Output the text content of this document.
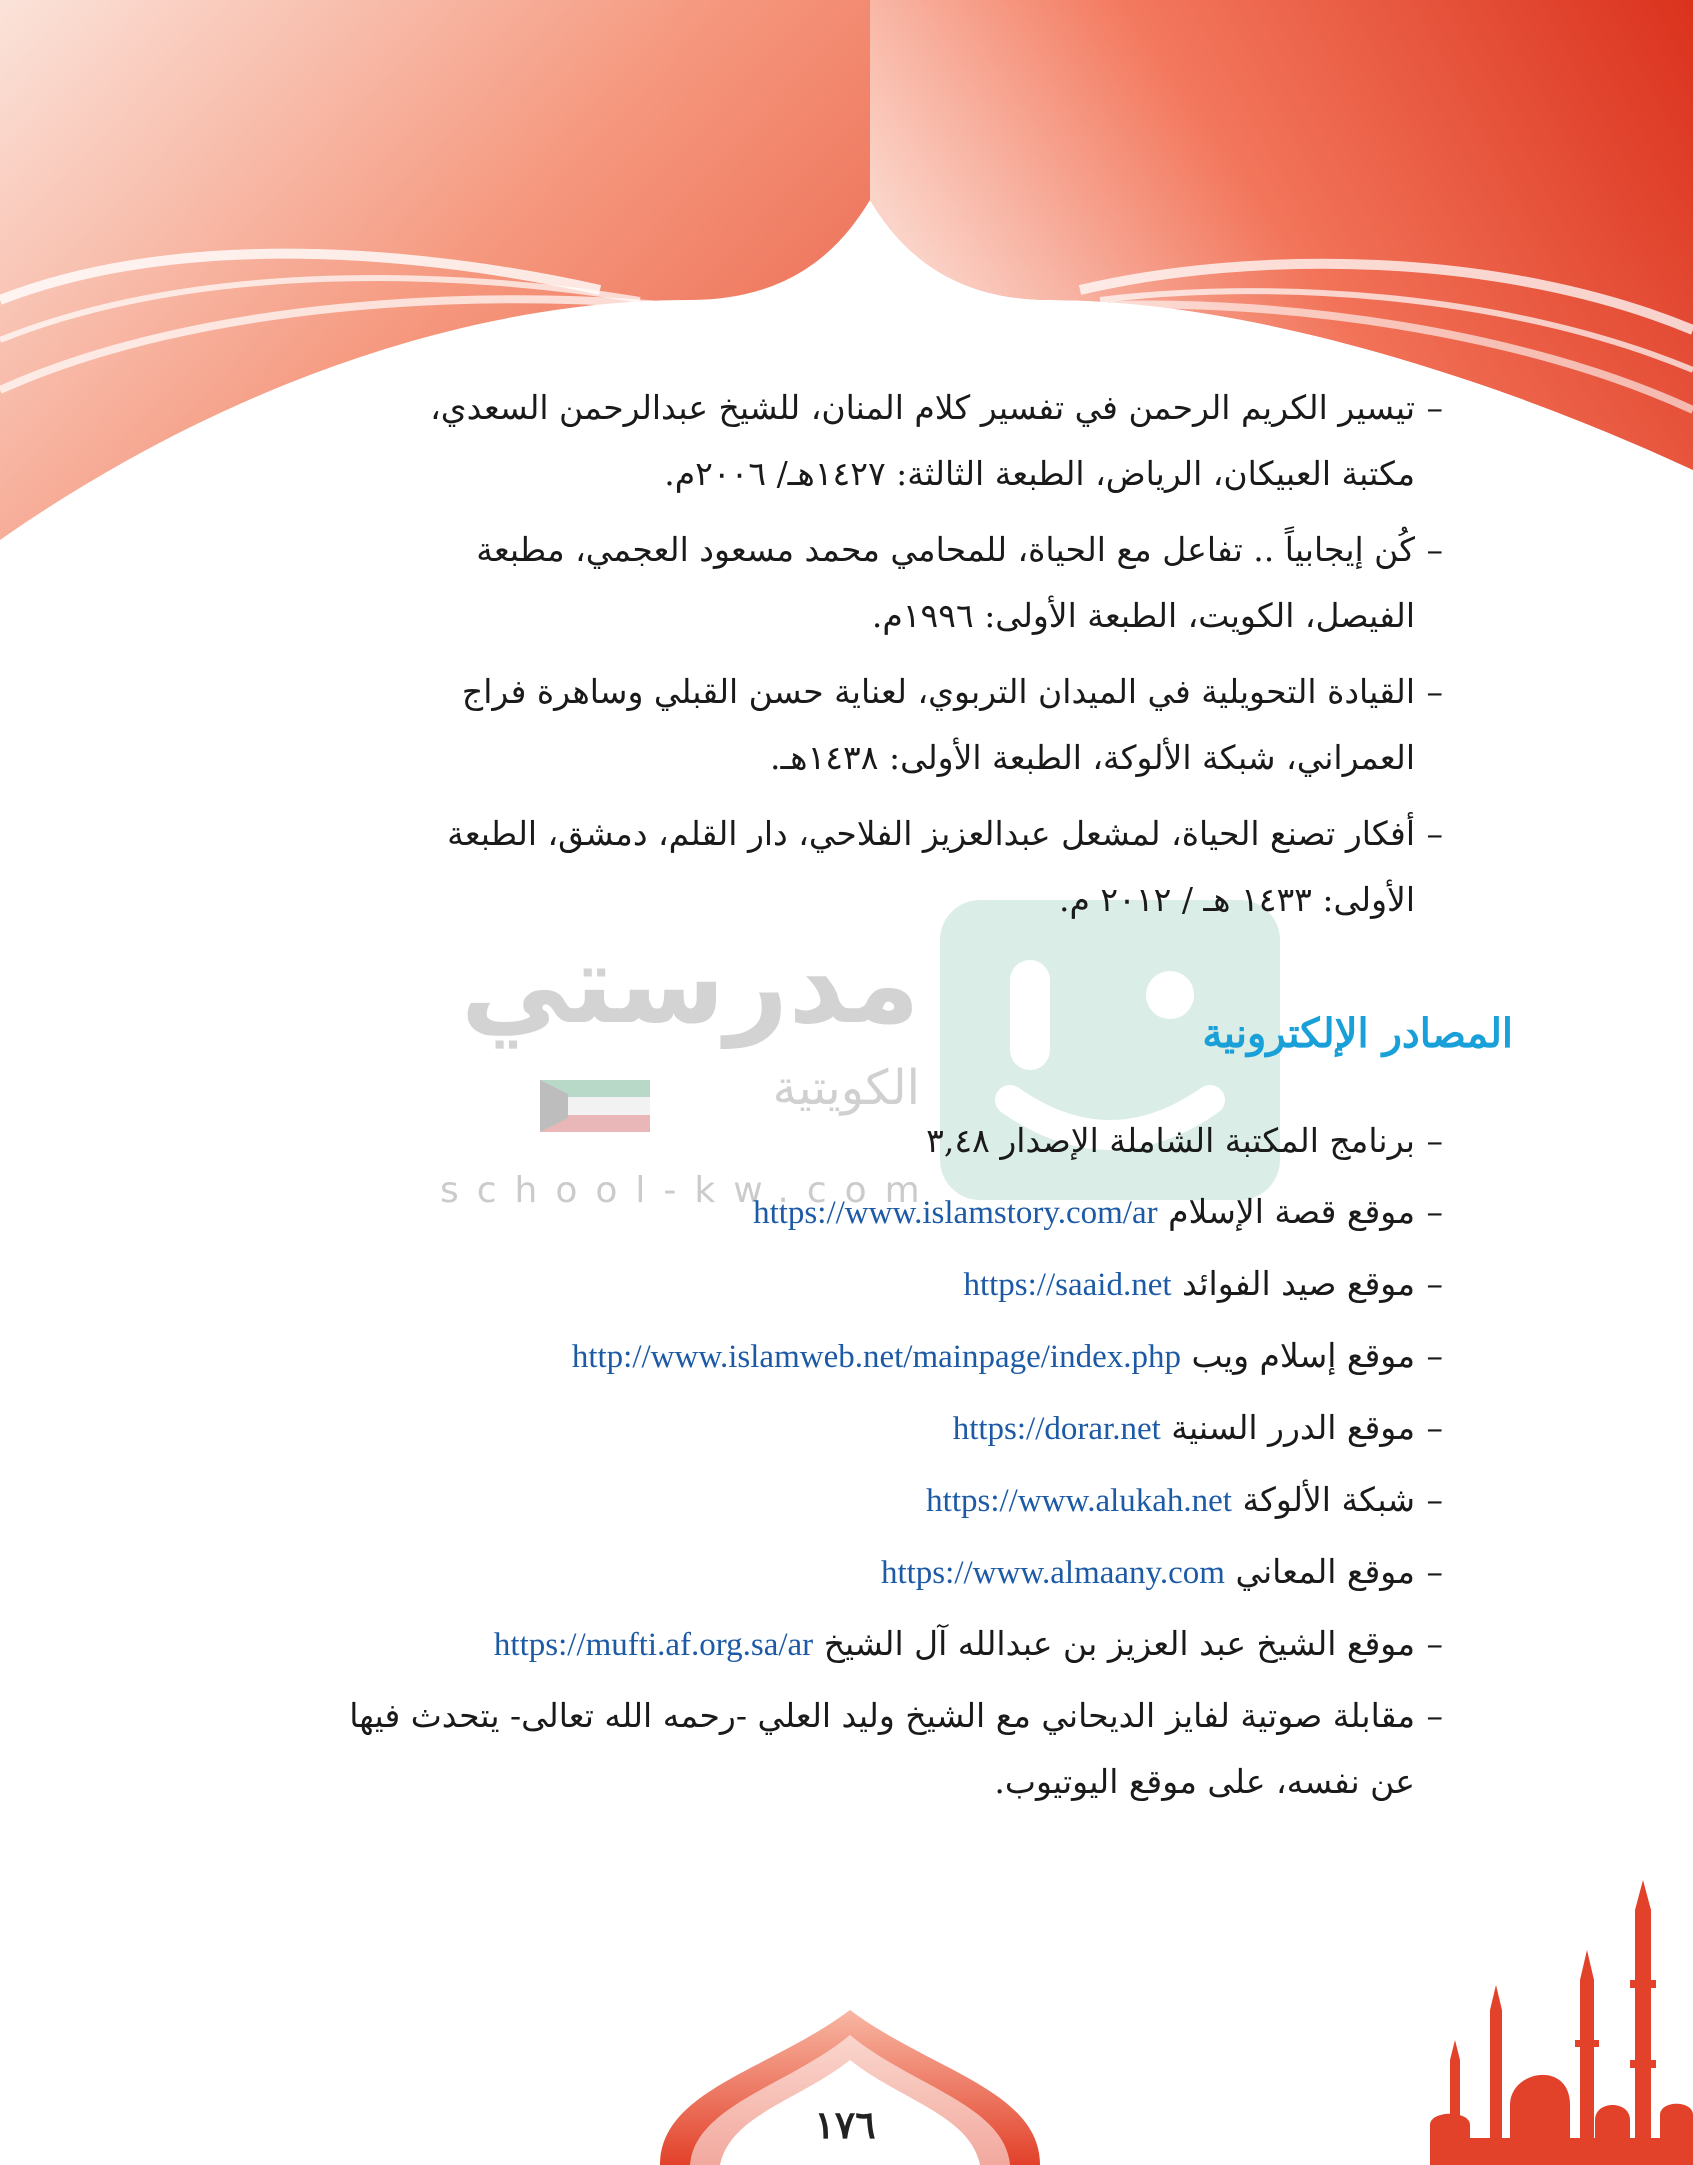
مدرستي
الكويتية
school-kw.com
– تيسير الكريم الرحمن في تفسير كلام المنان، للشيخ عبدالرحمن السعدي، مكتبة العبيكان، الرياض، الطبعة الثالثة: ١٤٢٧هـ/ ٢٠٠٦م.
– كُن إيجابياً .. تفاعل مع الحياة، للمحامي محمد مسعود العجمي، مطبعة الفيصل، الكويت، الطبعة الأولى: ١٩٩٦م.
– القيادة التحويلية في الميدان التربوي، لعناية حسن القبلي وساهرة فراج العمراني، شبكة الألوكة، الطبعة الأولى: ١٤٣٨هـ.
– أفكار تصنع الحياة، لمشعل عبدالعزيز الفلاحي، دار القلم، دمشق، الطبعة الأولى: ١٤٣٣ هـ / ٢٠١٢ م.
المصادر الإلكترونية
– برنامج المكتبة الشاملة الإصدار ٣,٤٨
– موقع قصة الإسلام https://www.islamstory.com/ar
– موقع صيد الفوائد https://saaid.net
– موقع إسلام ويب http://www.islamweb.net/mainpage/index.php
– موقع الدرر السنية https://dorar.net
– شبكة الألوكة https://www.alukah.net
– موقع المعاني https://www.almaany.com
– موقع الشيخ عبد العزيز بن عبدالله آل الشيخ https://mufti.af.org.sa/ar
– مقابلة صوتية لفايز الديحاني مع الشيخ وليد العلي -رحمه الله تعالى- يتحدث فيها عن نفسه، على موقع اليوتيوب.
١٧٦
